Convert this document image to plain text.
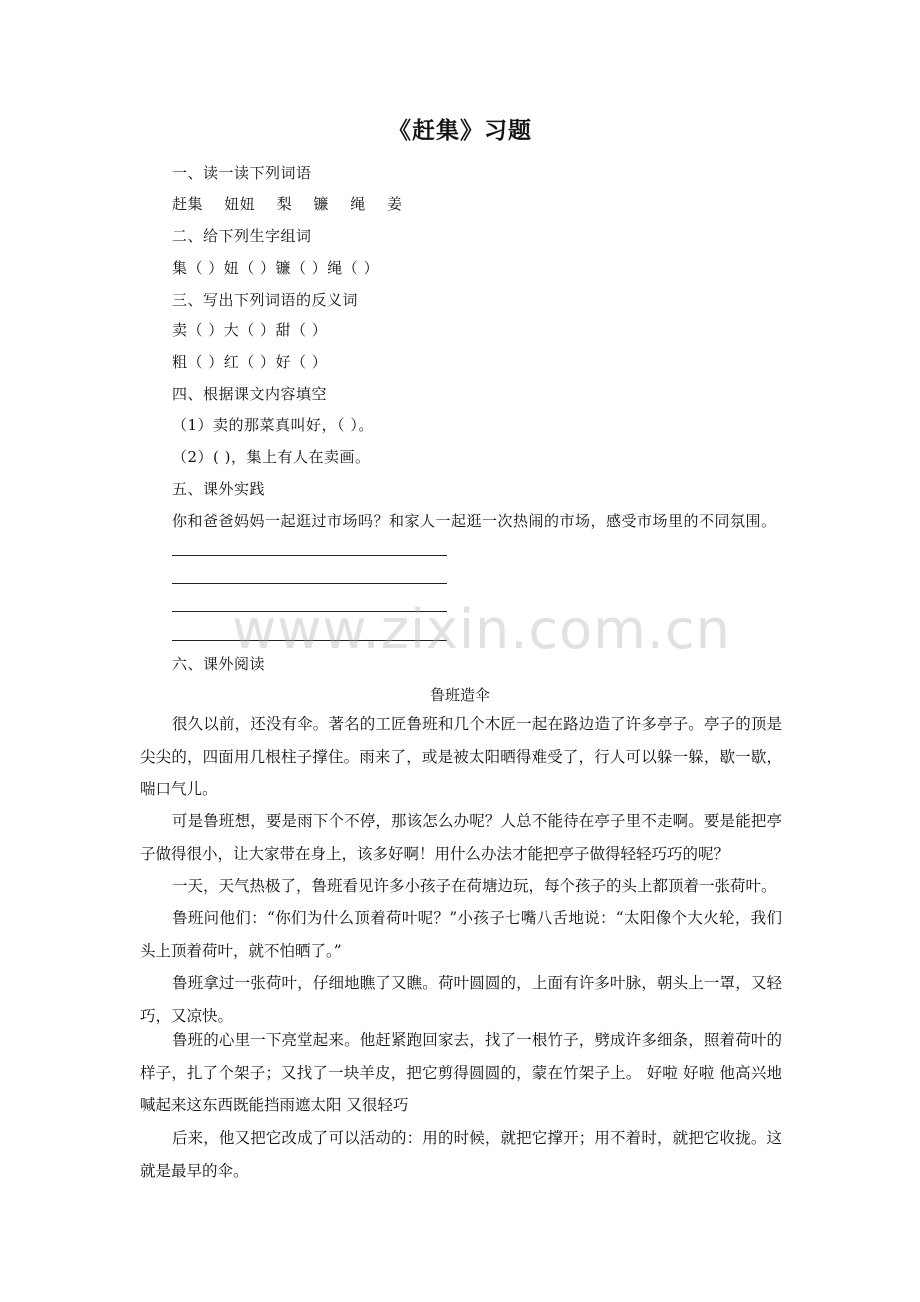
《赶集》习题
一、读一读下列词语
赶集 妞妞 梨 镰 绳 姜
二、给下列生字组词
集（ ）妞（ ）镰（ ）绳（ ）
三、写出下列词语的反义词
卖（ ）大（ ）甜（ ）
粗（ ）红（ ）好（ ）
四、根据课文内容填空
（1）卖的那菜真叫好，（ ）。
（2）( )，集上有人在卖画。
五、课外实践
你和爸爸妈妈一起逛过市场吗？和家人一起逛一次热闹的市场，感受市场里的不同氛围。
www.zixin.com.cn
六、课外阅读
鲁班造伞

很久以前，还没有伞。著名的工匠鲁班和几个木匠一起在路边造了许多亭子。亭子的顶是尖尖的，四面用几根柱子撑住。雨来了，或是被太阳晒得难受了，行人可以躲一躲，歇一歇，喘口气儿。

可是鲁班想，要是雨下个不停，那该怎么办呢？人总不能待在亭子里不走啊。要是能把亭子做得很小，让大家带在身上，该多好啊！用什么办法才能把亭子做得轻轻巧巧的呢？

一天，天气热极了，鲁班看见许多小孩子在荷塘边玩，每个孩子的头上都顶着一张荷叶。

鲁班问他们：“你们为什么顶着荷叶呢？”小孩子七嘴八舌地说：“太阳像个大火轮，我们头上顶着荷叶，就不怕晒了。”

鲁班拿过一张荷叶，仔细地瞧了又瞧。荷叶圆圆的，上面有许多叶脉，朝头上一罩，又轻巧，又凉快。

鲁班的心里一下亮堂起来。他赶紧跑回家去，找了一根竹子，劈成许多细条，照着荷叶的样子，扎了个架子；又找了一块羊皮，把它剪得圆圆的，蒙在竹架子上。 好啦 好啦 他高兴地喊起来这东西既能挡雨遮太阳 又很轻巧

后来，他又把它改成了可以活动的：用的时候，就把它撑开；用不着时，就把它收拢。这就是最早的伞。
